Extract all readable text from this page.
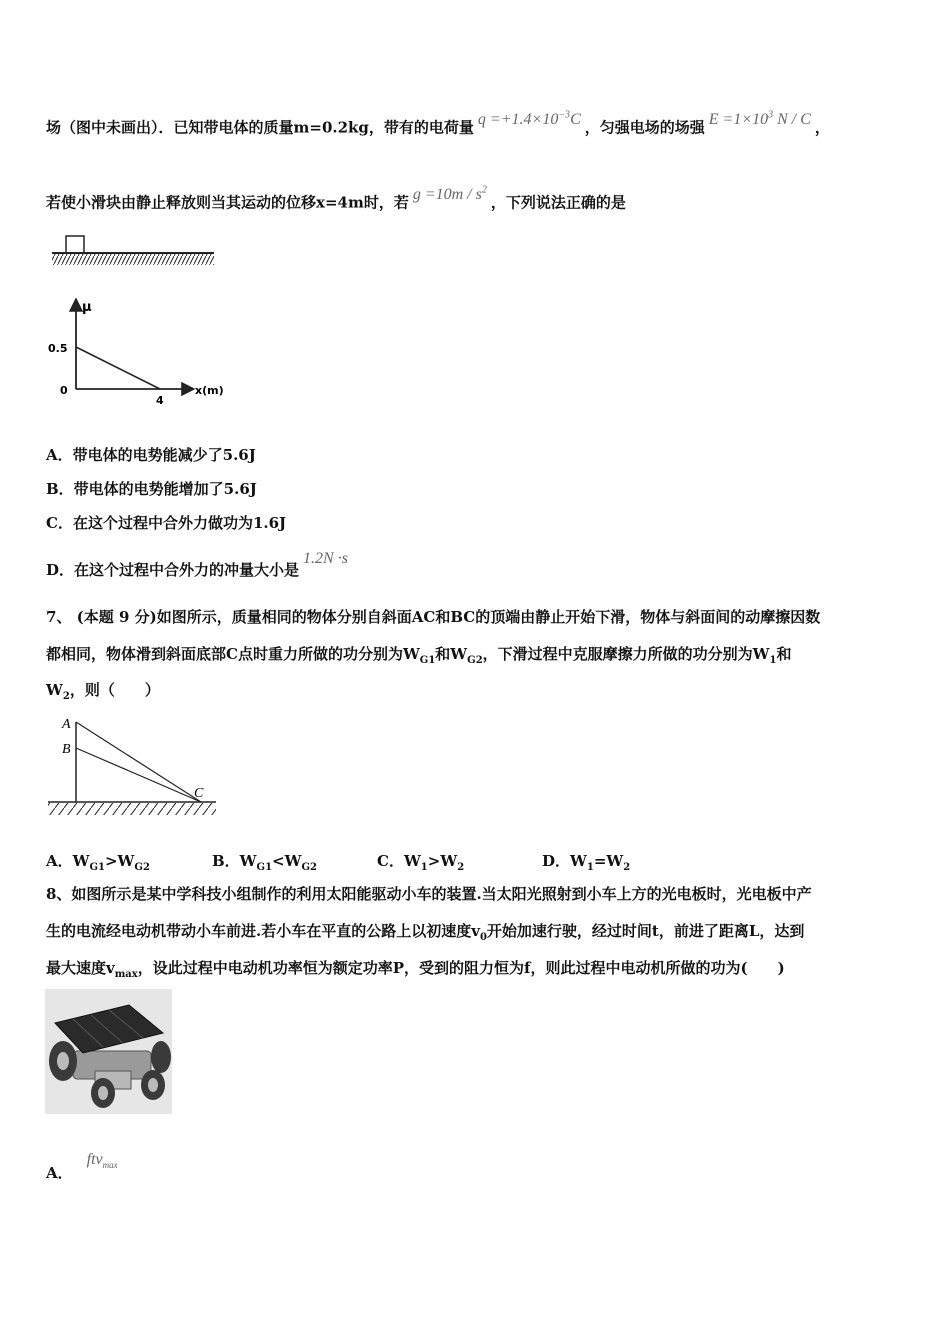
场（图中未画出）．已知带电体的质量m=0.2kg，带有的电荷量 $q =+1.4\times 10^{-3}C$ ，匀强电场的场强 $E =1\times 10^3$ N / C ，
若使小滑块由静止释放则当其运动的位移x=4m时，若 $g =10m / s^2$，下列说法正确的是
μ
x(m)
0.5
0
4
A．带电体的电势能减少了5.6J
B．带电体的电势能增加了5.6J
C．在这个过程中合外力做功为1.6J
D．在这个过程中合外力的冲量大小是1.2N ·s
7、 (本题 9 分)如图所示，质量相同的物体分别自斜面AC和BC的顶端由静止开始下滑，物体与斜面间的动摩擦因数
都相同，物体滑到斜面底部C点时重力所做的功分别为$W_{G1}$和$W_{G2}$，下滑过程中克服摩擦力所做的功分别为$W_1$和
$W_2$，则（　　）
A
B
C
A．$W_{G1}>W_{G2}$	B．$W_{G1}<W_{G2}$	C．$W_1>W_2$	D．$W_1=W_2$
8、如图所示是某中学科技小组制作的利用太阳能驱动小车的装置.当太阳光照射到小车上方的光电板时，光电板中产
生的电流经电动机带动小车前进.若小车在平直的公路上以初速度$v_0$开始加速行驶，经过时间t，前进了距离L，达到
最大速度$v_{max}$，设此过程中电动机功率恒为额定功率P，受到的阻力恒为f，则此过程中电动机所做的功为(　　)
A．ftv$_{max}$
